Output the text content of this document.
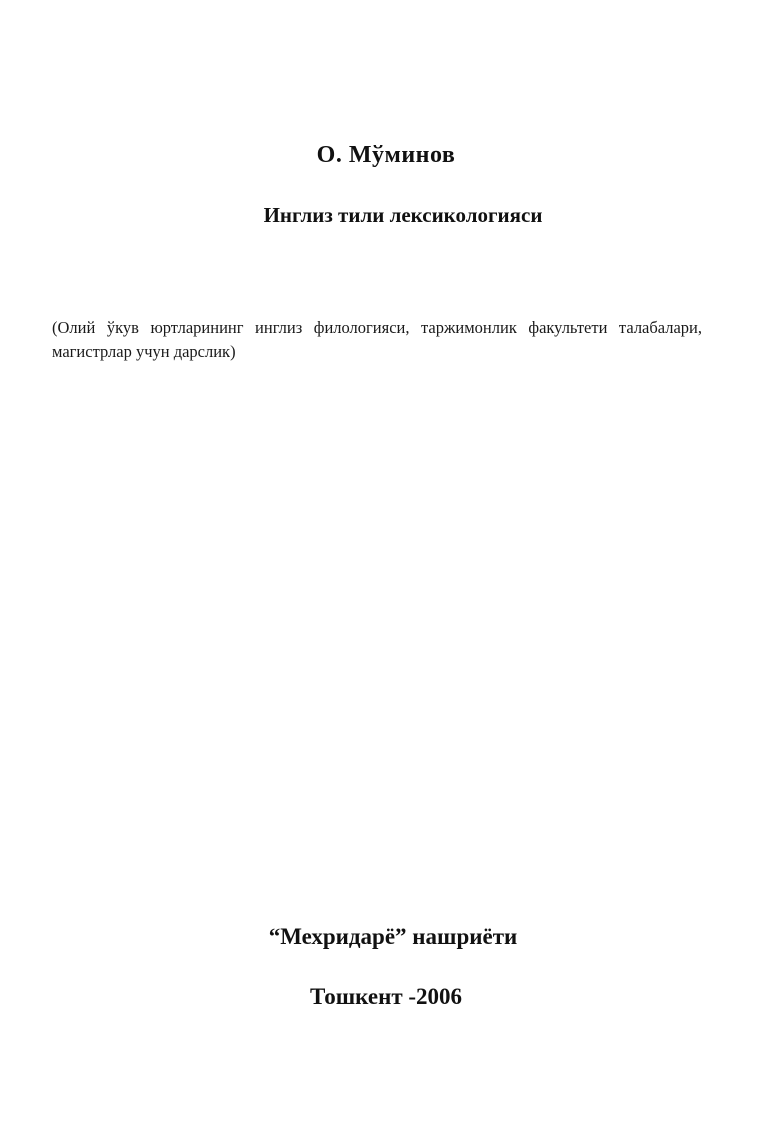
О. Мўминов
Инглиз тили лексикологияси
(Олий ўкув юртларининг инглиз филологияси, таржимонлик факультети талабалари, магистрлар учун дарслик)
“Мехридарё” нашриёти
Тошкент -2006
